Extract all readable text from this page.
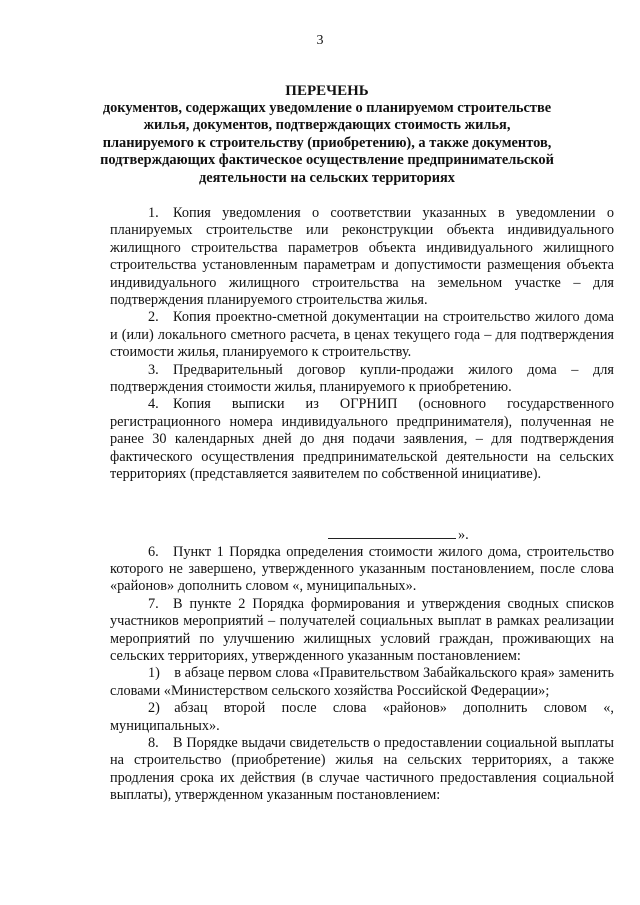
3
ПЕРЕЧЕНЬ
документов, содержащих уведомление о планируемом строительстве жилья, документов, подтверждающих стоимость жилья, планируемого к строительству (приобретению), а также документов, подтверждающих фактическое осуществление предпринимательской деятельности на сельских территориях

1. Копия уведомления о соответствии указанных в уведомлении о планируемых строительстве или реконструкции объекта индивидуального жилищного строительства параметров объекта индивидуального жилищного строительства установленным параметрам и допустимости размещения объекта индивидуального жилищного строительства на земельном участке – для подтверждения планируемого строительства жилья.

2. Копия проектно-сметной документации на строительство жилого дома и (или) локального сметного расчета, в ценах текущего года – для подтверждения стоимости жилья, планируемого к строительству.

3. Предварительный договор купли-продажи жилого дома – для подтверждения стоимости жилья, планируемого к приобретению.

4. Копия выписки из ОГРНИП (основного государственного регистрационного номера индивидуального предпринимателя), полученная не ранее 30 календарных дней до дня подачи заявления, – для подтверждения фактического осуществления предпринимательской деятельности на сельских территориях (представляется заявителем по собственной инициативе).

».

6. Пункт 1 Порядка определения стоимости жилого дома, строительство которого не завершено, утвержденного указанным постановлением, после слова «районов» дополнить словом «, муниципальных».

7. В пункте 2 Порядка формирования и утверждения сводных списков участников мероприятий – получателей социальных выплат в рамках реализации мероприятий по улучшению жилищных условий граждан, проживающих на сельских территориях, утвержденного указанным постановлением:

1) в абзаце первом слова «Правительством Забайкальского края» заменить словами «Министерством сельского хозяйства Российской Федерации»;

2) абзац второй после слова «районов» дополнить словом «, муниципальных».

8. В Порядке выдачи свидетельств о предоставлении социальной выплаты на строительство (приобретение) жилья на сельских территориях, а также продления срока их действия (в случае частичного предоставления социальной выплаты), утвержденном указанным постановлением:
